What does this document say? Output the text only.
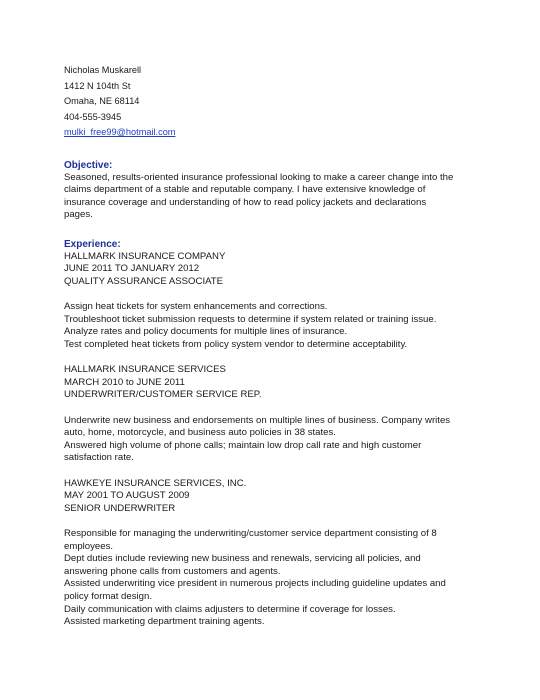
Nicholas Muskarell
1412 N 104th St
Omaha, NE 68114
404-555-3945
mulki_free99@hotmail.com
Objective:
Seasoned, results-oriented insurance professional looking to make a career change into the
claims department of a stable and reputable company. I have extensive knowledge of
insurance coverage and understanding of how to read policy jackets and declarations
pages.
Experience:
HALLMARK INSURANCE COMPANY
JUNE 2011 TO JANUARY 2012
QUALITY ASSURANCE ASSOCIATE
Assign heat tickets for system enhancements and corrections.
Troubleshoot ticket submission requests to determine if system related or training issue.
Analyze rates and policy documents for multiple lines of insurance.
Test completed heat tickets from policy system vendor to determine acceptability.
HALLMARK INSURANCE SERVICES
MARCH 2010 to JUNE 2011
UNDERWRITER/CUSTOMER SERVICE REP.
Underwrite new business and endorsements on multiple lines of business. Company writes
auto, home, motorcycle, and business auto policies in 38 states.
Answered high volume of phone calls; maintain low drop call rate and high customer
satisfaction rate.
HAWKEYE INSURANCE SERVICES, INC.
MAY 2001 TO AUGUST 2009
SENIOR UNDERWRITER
Responsible for managing the underwriting/customer service department consisting of 8
employees.
Dept duties include reviewing new business and renewals, servicing all policies, and
answering phone calls from customers and agents.
Assisted underwriting vice president in numerous projects including guideline updates and
policy format design.
Daily communication with claims adjusters to determine if coverage for losses.
Assisted marketing department training agents.
